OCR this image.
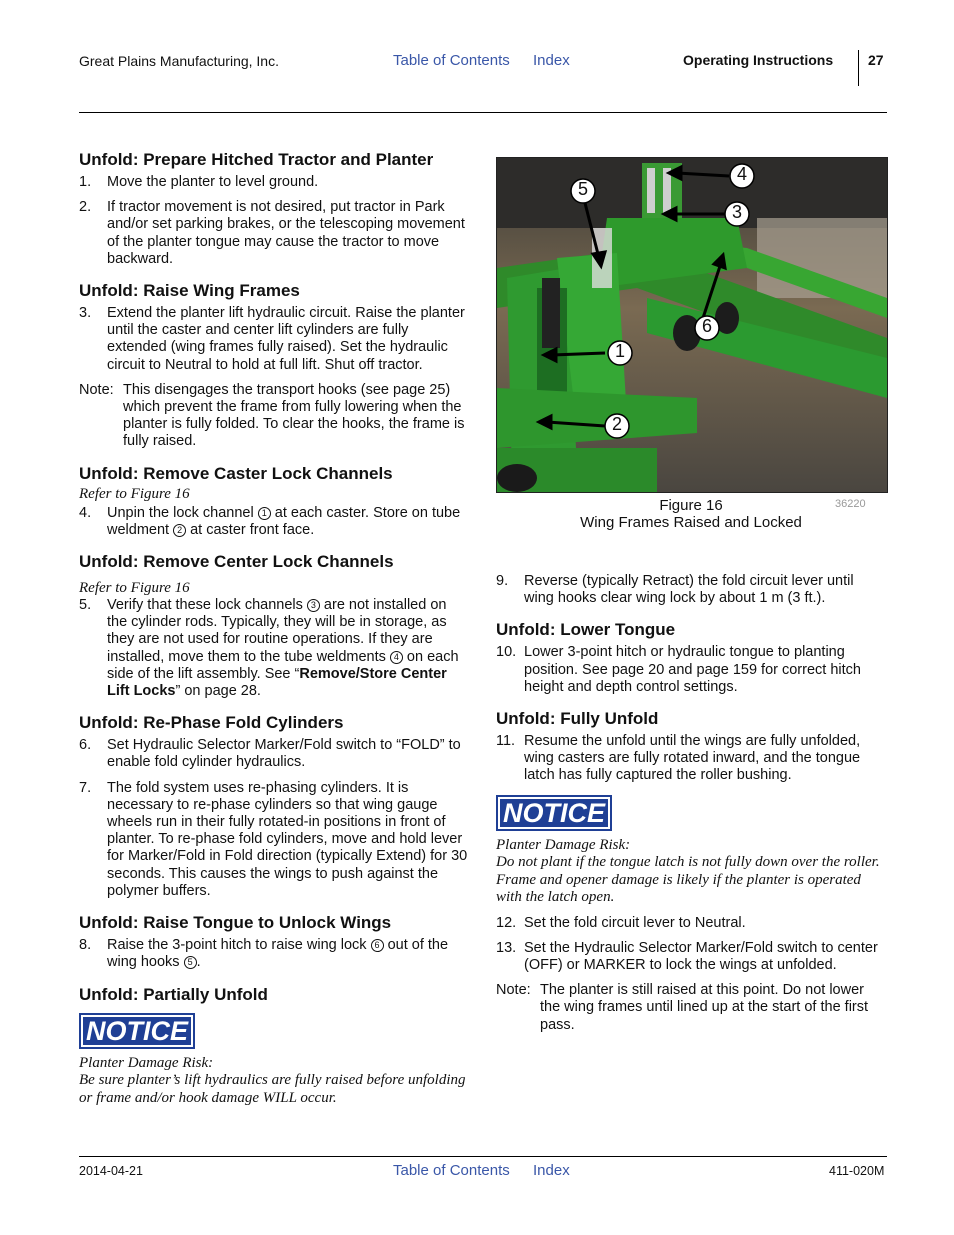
Great Plains Manufacturing, Inc.	Table of Contents Index	Operating Instructions 27
Unfold: Prepare Hitched Tractor and Planter
1. Move the planter to level ground.
2. If tractor movement is not desired, put tractor in Park and/or set parking brakes, or the telescoping movement of the planter tongue may cause the tractor to move backward.
Unfold: Raise Wing Frames
3. Extend the planter lift hydraulic circuit. Raise the planter until the caster and center lift cylinders are fully extended (wing frames fully raised). Set the hydraulic circuit to Neutral to hold at full lift. Shut off tractor.
Note: This disengages the transport hooks (see page 25) which prevent the frame from fully lowering when the planter is fully folded. To clear the hooks, the frame is fully raised.
Unfold: Remove Caster Lock Channels
Refer to Figure 16
4. Unpin the lock channel 1 at each caster. Store on tube weldment 2 at caster front face.
Unfold: Remove Center Lock Channels
Refer to Figure 16
5. Verify that these lock channels 3 are not installed on the cylinder rods. Typically, they will be in storage, as they are not used for routine operations. If they are installed, move them to the tube weldments 4 on each side of the lift assembly. See “Remove/Store Center Lift Locks” on page 28.
Unfold: Re-Phase Fold Cylinders
6. Set Hydraulic Selector Marker/Fold switch to “FOLD” to enable fold cylinder hydraulics.
7. The fold system uses re-phasing cylinders. It is necessary to re-phase cylinders so that wing gauge wheels run in their fully rotated-in positions in front of planter. To re-phase fold cylinders, move and hold lever for Marker/Fold in Fold direction (typically Extend) for 30 seconds. This causes the wings to push against the polymer buffers.
Unfold: Raise Tongue to Unlock Wings
8. Raise the 3-point hitch to raise wing lock 6 out of the wing hooks 5 .
Unfold: Partially Unfold
NOTICE
Planter Damage Risk:
Be sure planter’s lift hydraulics are fully raised before unfolding or frame and/or hook damage WILL occur.
4
5
3
6
1
2
Figure 16
Wing Frames Raised and Locked
36220
9. Reverse (typically Retract) the fold circuit lever until wing hooks clear wing lock by about 1 m (3 ft.).
Unfold: Lower Tongue
10. Lower 3-point hitch or hydraulic tongue to planting position. See page 20 and page 159 for correct hitch height and depth control settings.
Unfold: Fully Unfold
11. Resume the unfold until the wings are fully unfolded, wing casters are fully rotated inward, and the tongue latch has fully captured the roller bushing.
NOTICE
Planter Damage Risk:
Do not plant if the tongue latch is not fully down over the roller. Frame and opener damage is likely if the planter is operated with the latch open.
12. Set the fold circuit lever to Neutral.
13. Set the Hydraulic Selector Marker/Fold switch to center (OFF) or MARKER to lock the wings at unfolded.
Note: The planter is still raised at this point. Do not lower the wing frames until lined up at the start of the first pass.
2014-04-21	Table of Contents Index	411-020M
